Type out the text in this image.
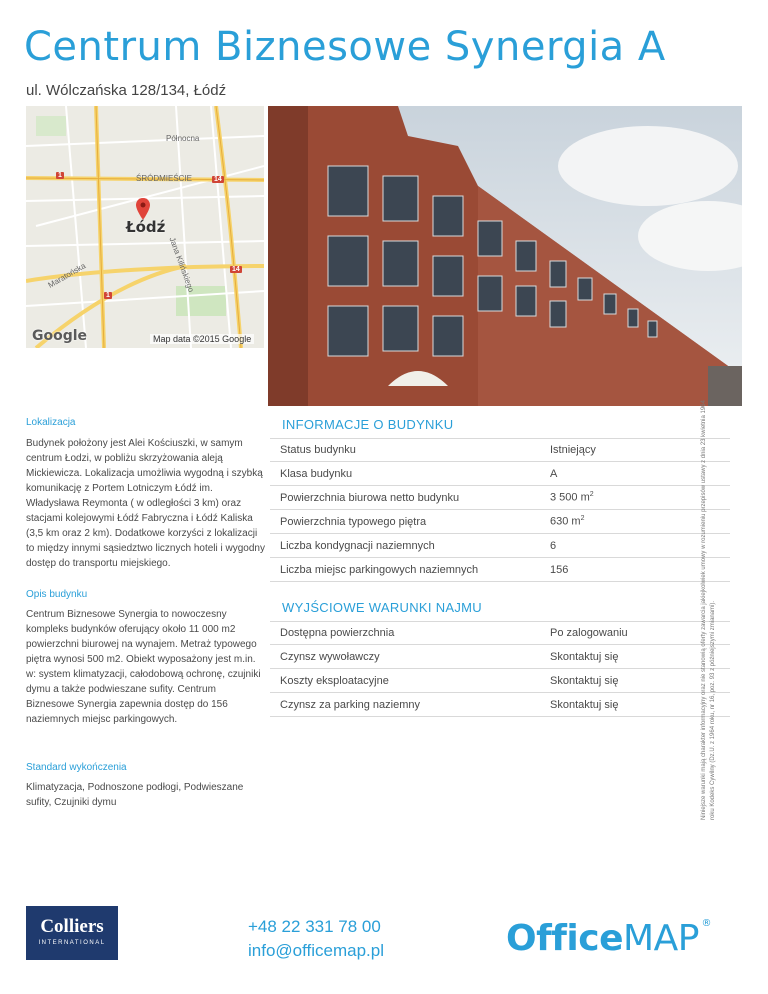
Centrum Biznesowe Synergia A
ul. Wólczańska 128/134, Łódź
Północna
ŚRÓDMIEŚCIE
Jana Kilińskiego
Maratońska
1
14
14
1
Łódź
Google	Map data ©2015 Google
Lokalizacja
Budynek położony jest Alei Kościuszki, w samym centrum Łodzi, w pobliżu skrzyżowania aleją Mickiewicza. Lokalizacja umożliwia wygodną i szybką komunikację z Portem Lotniczym Łódź im. Władysława Reymonta ( w odległości 3 km) oraz stacjami kolejowymi Łódź Fabryczna i Łódź Kaliska (3,5 km oraz 2 km). Dodatkowe korzyści z lokalizacji to między innymi sąsiedztwo licznych hoteli i wygodny dostęp do transportu miejskiego.
Opis budynku
Centrum Biznesowe Synergia to nowoczesny kompleks budynków oferujący około 11 000 m2 powierzchni biurowej na wynajem. Metraż typowego piętra wynosi 500 m2. Obiekt wyposażony jest m.in. w: system klimatyzacji, całodobową ochronę, czujniki dymu a także podwieszane sufity. Centrum Biznesowe Synergia zapewnia dostęp do 156 naziemnych miejsc parkingowych.
Standard wykończenia
Klimatyzacja, Podnoszone podłogi, Podwieszane sufity, Czujniki dymu
INFORMACJE O BUDYNKU
Status budynku	Istniejący
Klasa budynku	A
Powierzchnia biurowa netto budynku	3 500 $m^2$
Powierzchnia typowego piętra	630 $m^2$
Liczba kondygnacji naziemnych	6
Liczba miejsc parkingowych naziemnych	156
WYJŚCIOWE WARUNKI NAJMU
Dostępna powierzchnia	Po zalogowaniu
Czynsz wywoławczy	Skontaktuj się
Koszty eksploatacyjne	Skontaktuj się
Czynsz za parking naziemny	Skontaktuj się	Niniejsze warunki mają charakter informacyjny oraz nie stanowią oferty zawarcia jakiejkolwiek umowy w rozumieniu przepisów ustawy z dnia 23 kwietnia 1964 roku Kodeks Cywilny (Dz.U. z 1964 roku, nr 16, poz. 93 z późniejszymi zmianami).
Colliers
INTERNATIONAL
+48 22 331 78 00
info@officemap.pl	OfficeMAP ®
